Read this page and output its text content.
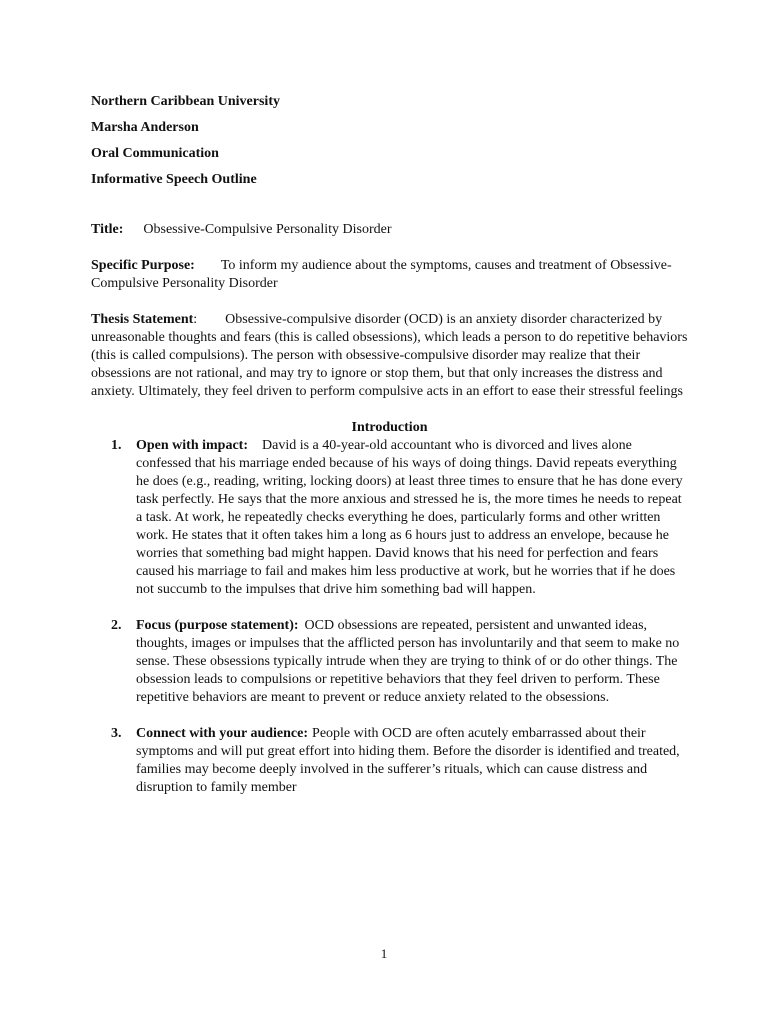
Northern Caribbean University

Marsha Anderson

Oral Communication

Informative Speech Outline

Title: Obsessive-Compulsive Personality Disorder

Specific Purpose: To inform my audience about the symptoms, causes and treatment of Obsessive-Compulsive Personality Disorder

Thesis Statement: Obsessive-compulsive disorder (OCD) is an anxiety disorder characterized by unreasonable thoughts and fears (this is called obsessions), which leads a person to do repetitive behaviors (this is called compulsions). The person with obsessive-compulsive disorder may realize that their obsessions are not rational, and may try to ignore or stop them, but that only increases the distress and anxiety. Ultimately, they feel driven to perform compulsive acts in an effort to ease their stressful feelings

Introduction

1. Open with impact: David is a 40-year-old accountant who is divorced and lives alone confessed that his marriage ended because of his ways of doing things. David repeats everything he does (e.g., reading, writing, locking doors) at least three times to ensure that he has done every task perfectly. He says that the more anxious and stressed he is, the more times he needs to repeat a task. At work, he repeatedly checks everything he does, particularly forms and other written work. He states that it often takes him a long as 6 hours just to address an envelope, because he worries that something bad might happen. David knows that his need for perfection and fears caused his marriage to fail and makes him less productive at work, but he worries that if he does not succumb to the impulses that drive him something bad will happen.
2. Focus (purpose statement): OCD obsessions are repeated, persistent and unwanted ideas, thoughts, images or impulses that the afflicted person has involuntarily and that seem to make no sense. These obsessions typically intrude when they are trying to think of or do other things. The obsession leads to compulsions or repetitive behaviors that they feel driven to perform. These repetitive behaviors are meant to prevent or reduce anxiety related to the obsessions.
3. Connect with your audience: People with OCD are often acutely embarrassed about their symptoms and will put great effort into hiding them. Before the disorder is identified and treated, families may become deeply involved in the sufferer’s rituals, which can cause distress and disruption to family member
1
